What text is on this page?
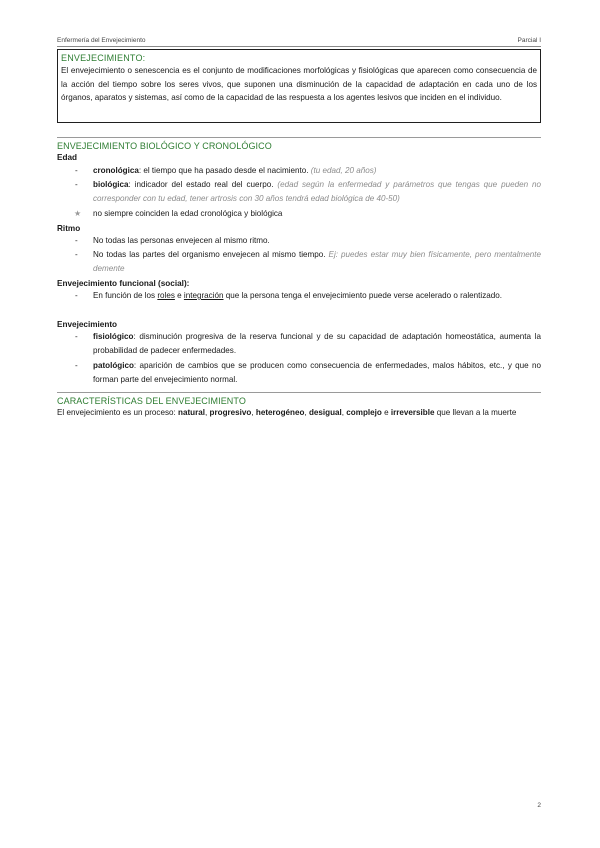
Enfermería del Envejecimiento	Parcial I
ENVEJECIMIENTO:
El envejecimiento o senescencia es el conjunto de modificaciones morfológicas y fisiológicas que aparecen como consecuencia de la acción del tiempo sobre los seres vivos, que suponen una disminución de la capacidad de adaptación en cada uno de los órganos, aparatos y sistemas, así como de la capacidad de las respuesta a los agentes lesivos que inciden en el individuo.
ENVEJECIMIENTO BIOLÓGICO Y CRONOLÓGICO
Edad
- cronológica: el tiempo que ha pasado desde el nacimiento. (tu edad, 20 años)
- biológica: indicador del estado real del cuerpo. (edad según la enfermedad y parámetros que tengas que pueden no corresponder con tu edad, tener artrosis con 30 años tendrá edad biológica de 40-50)
★ no siempre coinciden la edad cronológica y biológica
Ritmo
- No todas las personas envejecen al mismo ritmo.
- No todas las partes del organismo envejecen al mismo tiempo. Ej: puedes estar muy bien físicamente, pero mentalmente demente
Envejecimiento funcional (social):
- En función de los roles e integración que la persona tenga el envejecimiento puede verse acelerado o ralentizado.
Envejecimiento
- fisiológico: disminución progresiva de la reserva funcional y de su capacidad de adaptación homeostática, aumenta la probabilidad de padecer enfermedades.
- patológico: aparición de cambios que se producen como consecuencia de enfermedades, malos hábitos, etc., y que no forman parte del envejecimiento normal.
CARACTERÍSTICAS DEL ENVEJECIMIENTO
El envejecimiento es un proceso: natural, progresivo, heterogéneo, desigual, complejo e irreversible que llevan a la muerte
2
